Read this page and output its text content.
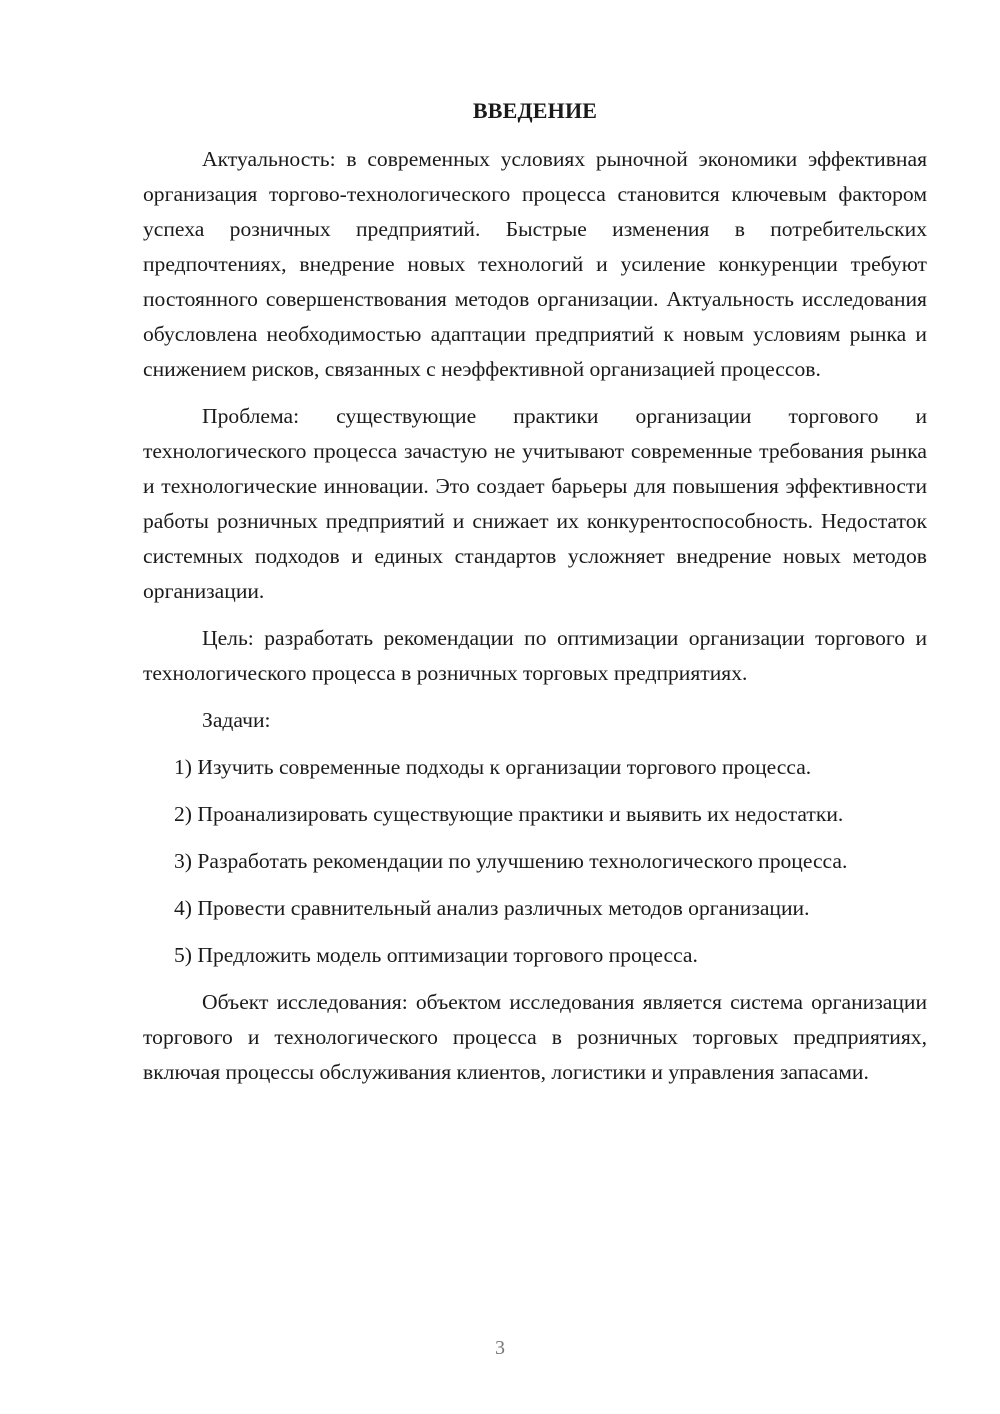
ВВЕДЕНИЕ

Актуальность: в современных условиях рыночной экономики эффективная организация торгово-технологического процесса становится ключевым фактором успеха розничных предприятий. Быстрые изменения в потребительских предпочтениях, внедрение новых технологий и усиление конкуренции требуют постоянного совершенствования методов организации. Актуальность исследования обусловлена необходимостью адаптации предприятий к новым условиям рынка и снижением рисков, связанных с неэффективной организацией процессов.

Проблема: существующие практики организации торгового и технологического процесса зачастую не учитывают современные требования рынка и технологические инновации. Это создает барьеры для повышения эффективности работы розничных предприятий и снижает их конкурентоспособность. Недостаток системных подходов и единых стандартов усложняет внедрение новых методов организации.

Цель: разработать рекомендации по оптимизации организации торгового и технологического процесса в розничных торговых предприятиях.

Задачи:

1) Изучить современные подходы к организации торгового процесса.

2) Проанализировать существующие практики и выявить их недостатки.

3) Разработать рекомендации по улучшению технологического процесса.

4) Провести сравнительный анализ различных методов организации.

5) Предложить модель оптимизации торгового процесса.

Объект исследования: объектом исследования является система организации торгового и технологического процесса в розничных торговых предприятиях, включая процессы обслуживания клиентов, логистики и управления запасами.

3
